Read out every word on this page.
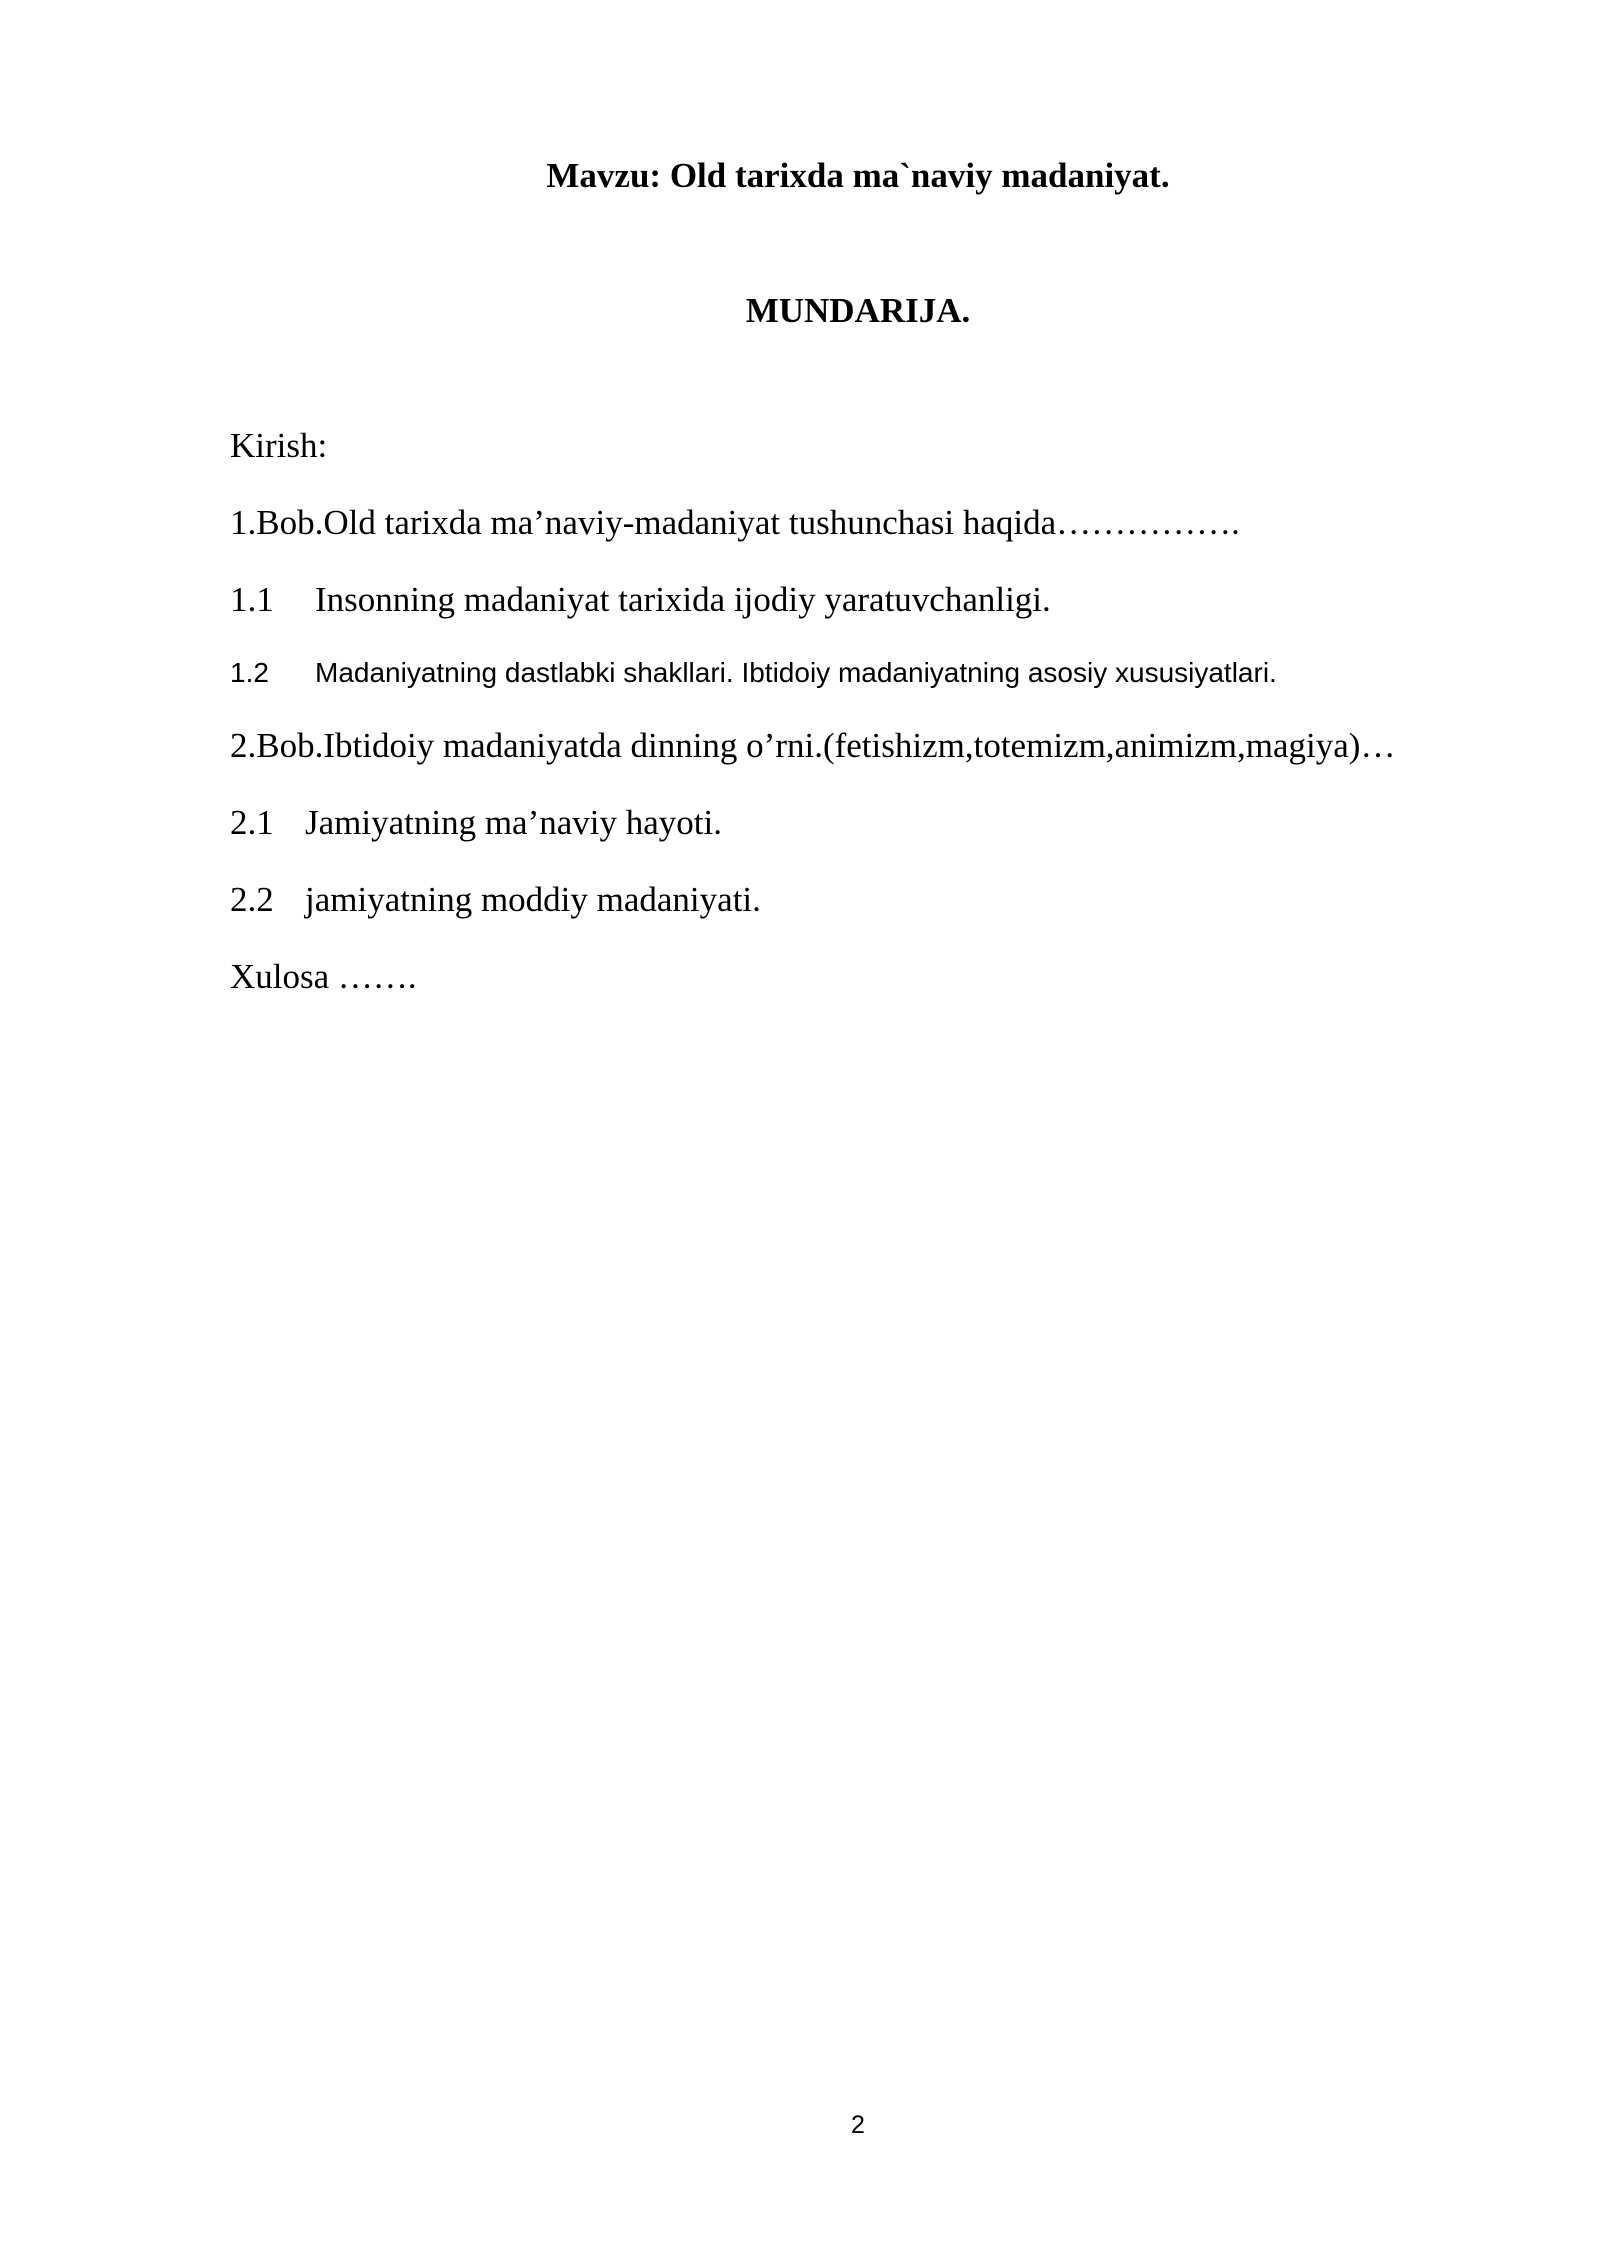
Mavzu: Old tarixda ma`naviy madaniyat.
MUNDARIJA.
Kirish:
1.Bob.Old tarixda ma’naviy-madaniyat tushunchasi haqida…………….
1.1 Insonning madaniyat tarixida ijodiy yaratuvchanligi.
1.2 Madaniyatning dastlabki shakllari. Ibtidoiy madaniyatning asosiy xususiyatlari.
2.Bob.Ibtidoiy madaniyatda dinning o’rni.(fetishizm,totemizm,animizm,magiya)…
2.1 Jamiyatning ma’naviy hayoti.
2.2 jamiyatning moddiy madaniyati.
Xulosa …….
2
